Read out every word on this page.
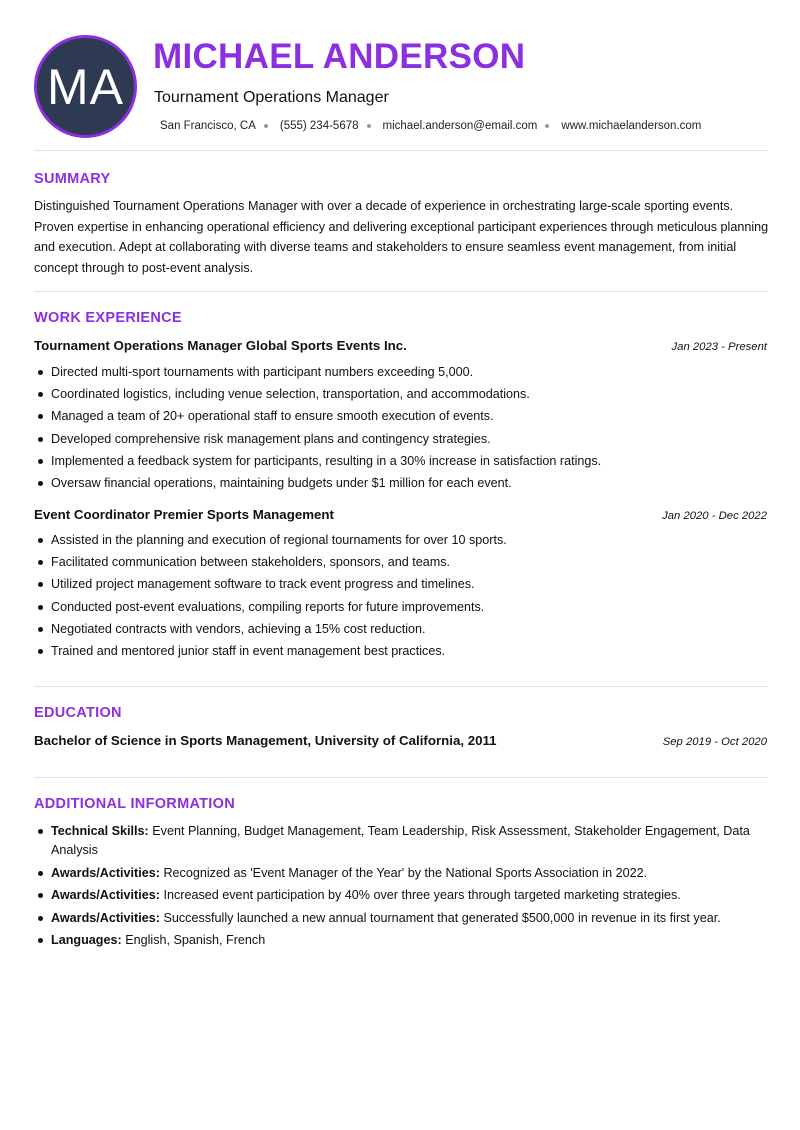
MA
MICHAEL ANDERSON
Tournament Operations Manager
San Francisco, CA (555) 234-5678 michael.anderson@email.com www.michaelanderson.com
SUMMARY
Distinguished Tournament Operations Manager with over a decade of experience in orchestrating large-scale sporting events. Proven expertise in enhancing operational efficiency and delivering exceptional participant experiences through meticulous planning and execution. Adept at collaborating with diverse teams and stakeholders to ensure seamless event management, from initial concept through to post-event analysis.
WORK EXPERIENCE
Tournament Operations Manager Global Sports Events Inc.	Jan 2023 - Present
Directed multi-sport tournaments with participant numbers exceeding 5,000.
Coordinated logistics, including venue selection, transportation, and accommodations.
Managed a team of 20+ operational staff to ensure smooth execution of events.
Developed comprehensive risk management plans and contingency strategies.
Implemented a feedback system for participants, resulting in a 30% increase in satisfaction ratings.
Oversaw financial operations, maintaining budgets under $1 million for each event.
Event Coordinator Premier Sports Management	Jan 2020 - Dec 2022
Assisted in the planning and execution of regional tournaments for over 10 sports.
Facilitated communication between stakeholders, sponsors, and teams.
Utilized project management software to track event progress and timelines.
Conducted post-event evaluations, compiling reports for future improvements.
Negotiated contracts with vendors, achieving a 15% cost reduction.
Trained and mentored junior staff in event management best practices.
EDUCATION
Bachelor of Science in Sports Management, University of California, 2011	Sep 2019 - Oct 2020
ADDITIONAL INFORMATION
Technical Skills: Event Planning, Budget Management, Team Leadership, Risk Assessment, Stakeholder Engagement, Data Analysis
Awards/Activities: Recognized as 'Event Manager of the Year' by the National Sports Association in 2022.
Awards/Activities: Increased event participation by 40% over three years through targeted marketing strategies.
Awards/Activities: Successfully launched a new annual tournament that generated $500,000 in revenue in its first year.
Languages: English, Spanish, French
